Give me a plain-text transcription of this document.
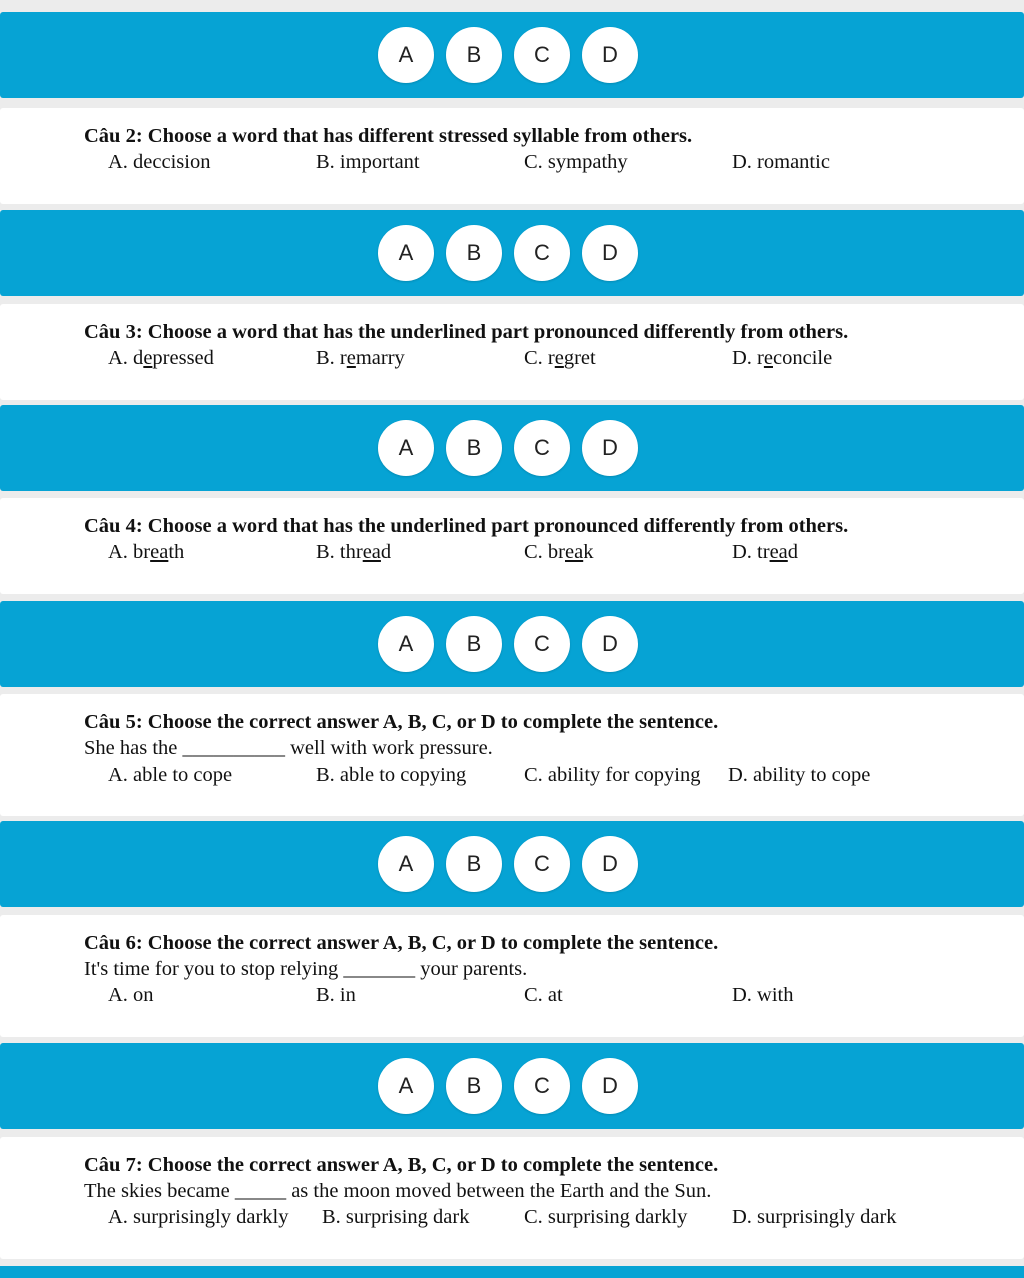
A	B	C	D
Câu 2: Choose a word that has different stressed syllable from others.
A. deccision	B. important	C. sympathy	D. romantic
A	B	C	D
Câu 3: Choose a word that has the underlined part pronounced differently from others.
A. depressed	B. remarry	C. regret	D. reconcile
A	B	C	D
Câu 4: Choose a word that has the underlined part pronounced differently from others.
A. breath	B. thread	C. break	D. tread
A	B	C	D
Câu 5: Choose the correct answer A, B, C, or D to complete the sentence.
She has the __________ well with work pressure.
A. able to cope	B. able to copying	C. ability for copying D. ability to cope
A	B	C	D
Câu 6: Choose the correct answer A, B, C, or D to complete the sentence.
It's time for you to stop relying _______ your parents.
A. on	B. in	C. at	D. with
A	B	C	D
Câu 7: Choose the correct answer A, B, C, or D to complete the sentence.
The skies became _____ as the moon moved between the Earth and the Sun.
A. surprisingly darkly B. surprising dark	C. surprising darkly D. surprisingly dark
